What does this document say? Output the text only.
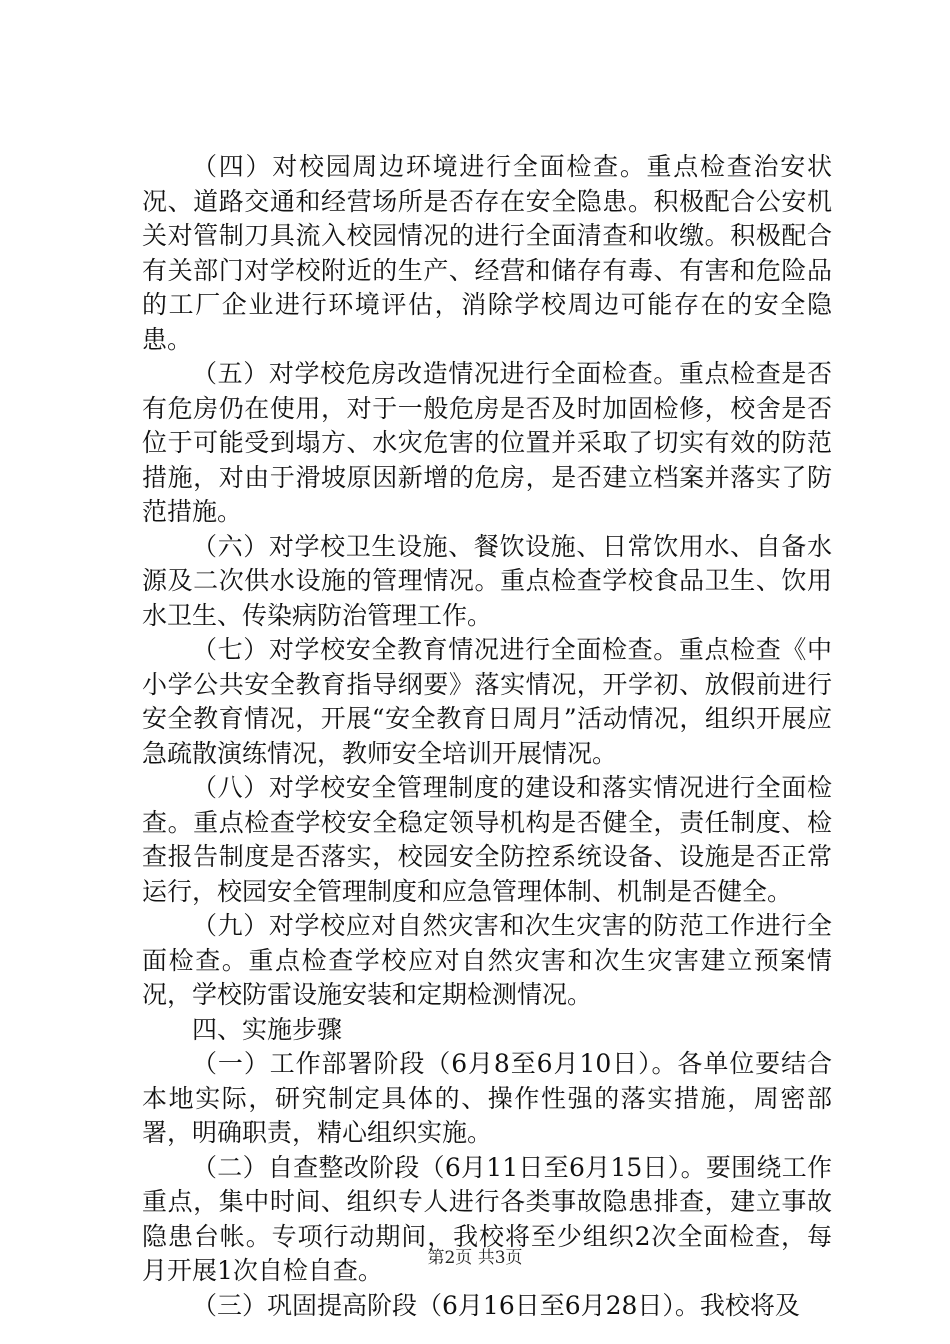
（四）对校园周边环境进行全面检查。重点检查治安状况、道路交通和经营场所是否存在安全隐患。积极配合公安机关对管制刀具流入校园情况的进行全面清查和收缴。积极配合有关部门对学校附近的生产、经营和储存有毒、有害和危险品的工厂企业进行环境评估，消除学校周边可能存在的安全隐患。

（五）对学校危房改造情况进行全面检查。重点检查是否有危房仍在使用，对于一般危房是否及时加固检修，校舍是否位于可能受到塌方、水灾危害的位置并采取了切实有效的防范措施，对由于滑坡原因新增的危房，是否建立档案并落实了防范措施。

（六）对学校卫生设施、餐饮设施、日常饮用水、自备水源及二次供水设施的管理情况。重点检查学校食品卫生、饮用水卫生、传染病防治管理工作。

（七）对学校安全教育情况进行全面检查。重点检查《中小学公共安全教育指导纲要》落实情况，开学初、放假前进行安全教育情况，开展“安全教育日周月”活动情况，组织开展应急疏散演练情况，教师安全培训开展情况。

（八）对学校安全管理制度的建设和落实情况进行全面检查。重点检查学校安全稳定领导机构是否健全，责任制度、检查报告制度是否落实，校园安全防控系统设备、设施是否正常运行，校园安全管理制度和应急管理体制、机制是否健全。

（九）对学校应对自然灾害和次生灾害的防范工作进行全面检查。重点检查学校应对自然灾害和次生灾害建立预案情况，学校防雷设施安装和定期检测情况。

四、实施步骤

（一）工作部署阶段（6月8至6月10日）。各单位要结合本地实际，研究制定具体的、操作性强的落实措施，周密部署，明确职责，精心组织实施。

（二）自查整改阶段（6月11日至6月15日）。要围绕工作重点，集中时间、组织专人进行各类事故隐患排查，建立事故隐患台帐。专项行动期间，我校将至少组织2次全面检查，每月开展1次自检自查。

（三）巩固提高阶段（6月16日至6月28日）。我校将及

第2页 共3页
